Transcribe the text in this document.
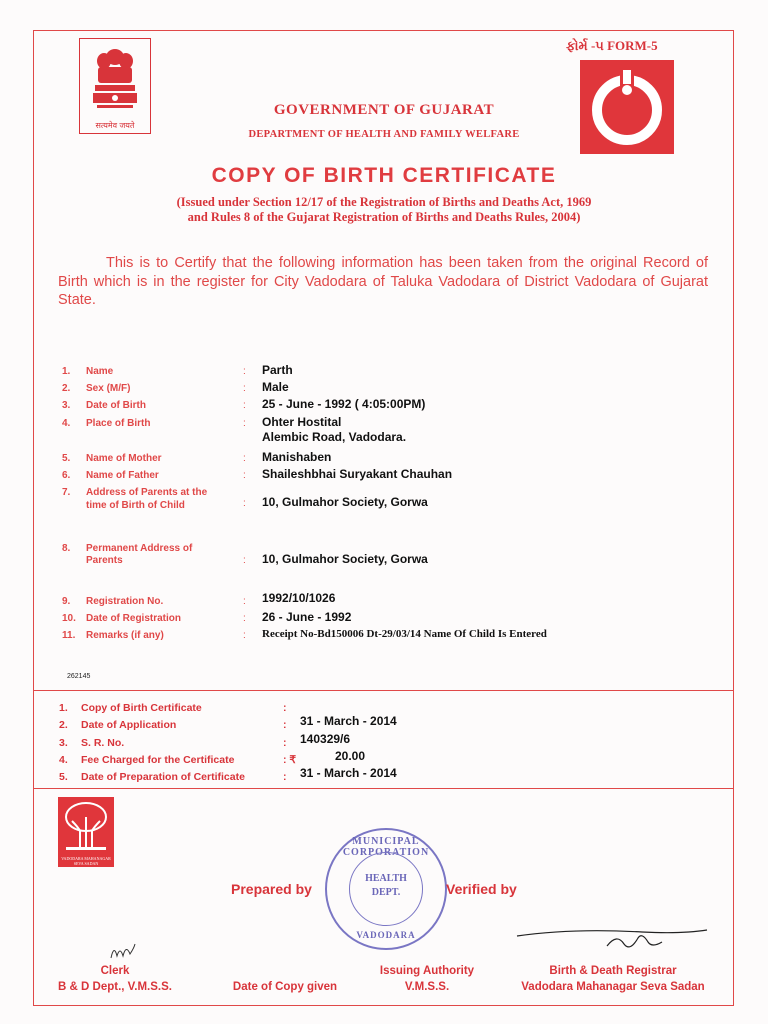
सत्यमेव जयते
ફોર્મ -૫ FORM-5
GOVERNMENT OF GUJARAT
DEPARTMENT OF HEALTH AND FAMILY WELFARE
COPY OF BIRTH CERTIFICATE
(Issued under Section 12/17 of the Registration of Births and Deaths Act, 1969
and Rules 8 of the Gujarat Registration of Births and Deaths Rules, 2004)
This is to Certify that the following information has been taken from the original Record of Birth which is in the register for City Vadodara of Taluka Vadodara of District Vadodara of Gujarat State.
1. Name	: Parth
2. Sex (M/F)	: Male
3. Date of Birth	: 25 - June - 1992 ( 4:05:00PM)
4. Place of Birth	: Ohter Hostital
Alembic Road, Vadodara.
5. Name of Mother	: Manishaben
6. Name of Father	: Shaileshbhai Suryakant Chauhan
7. Address of Parents at the
time of Birth of Child	: 10, Gulmahor Society, Gorwa
8. Permanent Address of
Parents	: 10, Gulmahor Society, Gorwa
9. Registration No.	: 1992/10/1026
10. Date of Registration	: 26 - June - 1992
11. Remarks (if any)	: Receipt No-Bd150006 Dt-29/03/14 Name Of Child Is Entered
262145
1. Copy of Birth Certificate	:
2. Date of Application	: 31 - March - 2014
3. S. R. No.	: 140329/6
4. Fee Charged for the Certificate	: ₹	20.00
5. Date of Preparation of Certificate	: 31 - March - 2014
VADODARA MAHANAGAR SEVA SADAN
MUNICIPAL CORPORATION
HEALTH
DEPT.
VADODARA
Prepared by	Verified by
Clerk
B & D Dept., V.M.S.S.	Date of Copy given
Issuing Authority
V.M.S.S.
Birth & Death Registrar
Vadodara Mahanagar Seva Sadan
